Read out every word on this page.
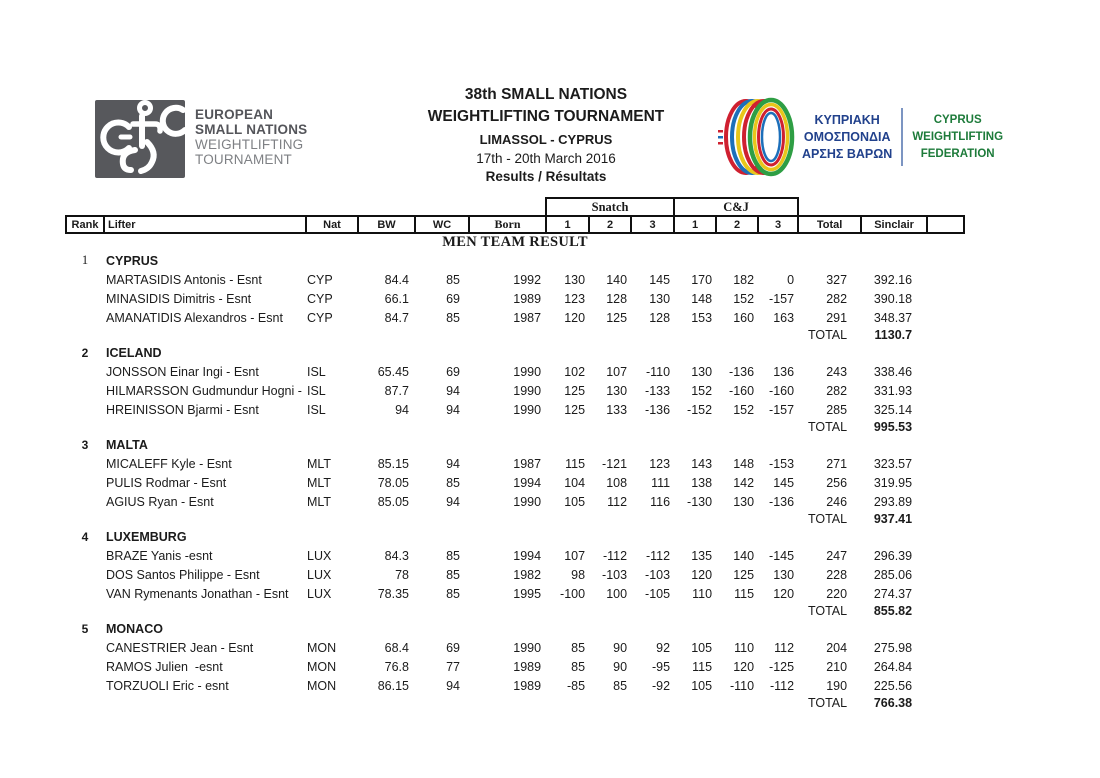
EUROPEAN
SMALL NATIONS
WEIGHTLIFTING
TOURNAMENT
38th SMALL NATIONS
WEIGHTLIFTING TOURNAMENT
LIMASSOL - CYPRUS
17th - 20th March 2016
Results / Résultats
ΚΥΠΡΙΑΚΗ
ΟΜΟΣΠΟΝΔΙΑ
ΑΡΣΗΣ ΒΑΡΩΝ
CYPRUS
WEIGHTLIFTING
FEDERATION
						Snatch			C&J					
Rank	Lifter	Nat	BW	WC	Born	1	2	3	1	2	3	Total	Sinclair	
MEN TEAM RESULT														
1	CYPRUS													
	MARTASIDIS Antonis - Esnt	CYP	84.4	85	1992	130	140	145	170	182	0	327	392.16	
	MINASIDIS Dimitris - Esnt	CYP	66.1	69	1989	123	128	130	148	152	-157	282	390.18	
	AMANATIDIS Alexandros - Esnt	CYP	84.7	85	1987	120	125	128	153	160	163	291	348.37	
												TOTAL	1130.7	
2	ICELAND													
	JONSSON Einar Ingi - Esnt	ISL	65.45	69	1990	102	107	-110	130	-136	136	243	338.46	
	HILMARSSON Gudmundur Hogni -	ISL	87.7	94	1990	125	130	-133	152	-160	-160	282	331.93	
	HREINISSON Bjarmi - Esnt	ISL	94	94	1990	125	133	-136	-152	152	-157	285	325.14	
												TOTAL	995.53	
3	MALTA													
	MICALEFF Kyle - Esnt	MLT	85.15	94	1987	115	-121	123	143	148	-153	271	323.57	
	PULIS Rodmar - Esnt	MLT	78.05	85	1994	104	108	111	138	142	145	256	319.95	
	AGIUS Ryan - Esnt	MLT	85.05	94	1990	105	112	116	-130	130	-136	246	293.89	
												TOTAL	937.41	
4	LUXEMBURG													
	BRAZE Yanis -esnt	LUX	84.3	85	1994	107	-112	-112	135	140	-145	247	296.39	
	DOS Santos Philippe - Esnt	LUX	78	85	1982	98	-103	-103	120	125	130	228	285.06	
	VAN Rymenants Jonathan - Esnt	LUX	78.35	85	1995	-100	100	-105	110	115	120	220	274.37	
												TOTAL	855.82	
5	MONACO													
	CANESTRIER Jean - Esnt	MON	68.4	69	1990	85	90	92	105	110	112	204	275.98	
	RAMOS Julien  -esnt	MON	76.8	77	1989	85	90	-95	115	120	-125	210	264.84	
	TORZUOLI Eric - esnt	MON	86.15	94	1989	-85	85	-92	105	-110	-112	190	225.56	
												TOTAL	766.38	
